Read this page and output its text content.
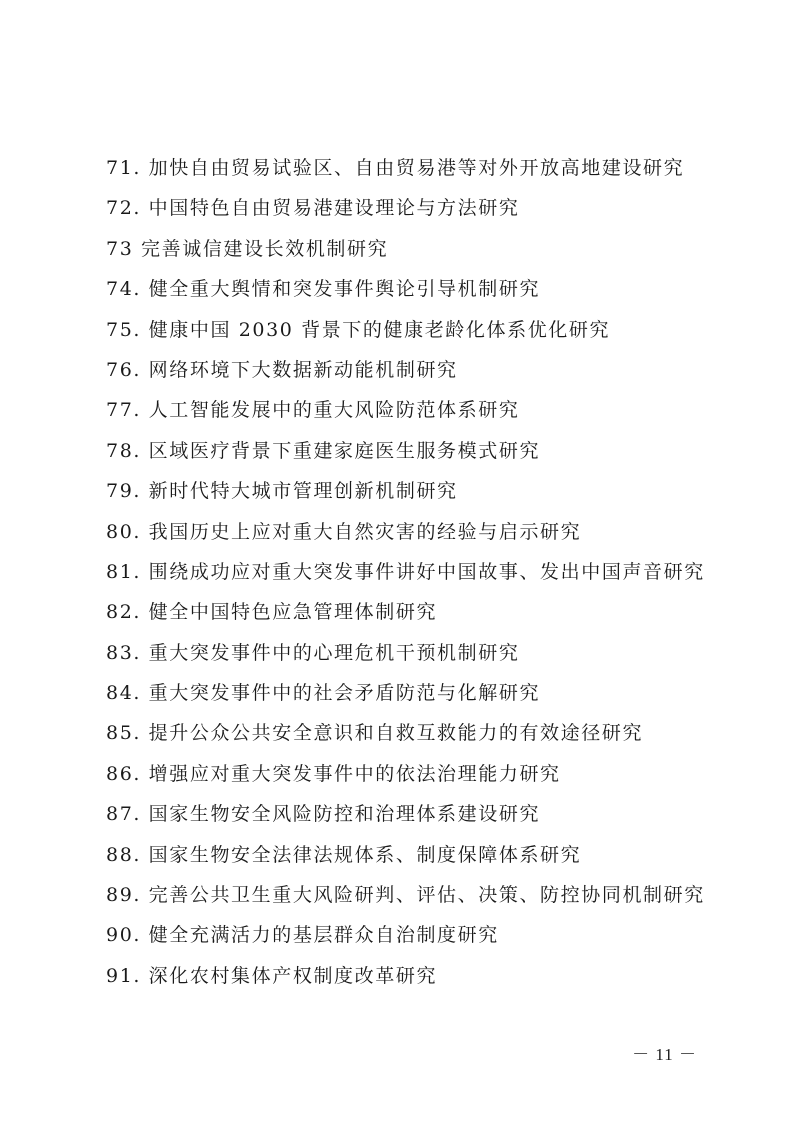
71. 加快自由贸易试验区、自由贸易港等对外开放高地建设研究
72. 中国特色自由贸易港建设理论与方法研究
73 完善诚信建设长效机制研究
74. 健全重大舆情和突发事件舆论引导机制研究
75. 健康中国 2030 背景下的健康老龄化体系优化研究
76. 网络环境下大数据新动能机制研究
77. 人工智能发展中的重大风险防范体系研究
78. 区域医疗背景下重建家庭医生服务模式研究
79. 新时代特大城市管理创新机制研究
80. 我国历史上应对重大自然灾害的经验与启示研究
81. 围绕成功应对重大突发事件讲好中国故事、发出中国声音研究
82. 健全中国特色应急管理体制研究
83. 重大突发事件中的心理危机干预机制研究
84. 重大突发事件中的社会矛盾防范与化解研究
85. 提升公众公共安全意识和自救互救能力的有效途径研究
86. 增强应对重大突发事件中的依法治理能力研究
87. 国家生物安全风险防控和治理体系建设研究
88. 国家生物安全法律法规体系、制度保障体系研究
89. 完善公共卫生重大风险研判、评估、决策、防控协同机制研究
90. 健全充满活力的基层群众自治制度研究
91. 深化农村集体产权制度改革研究
－ 11 －
